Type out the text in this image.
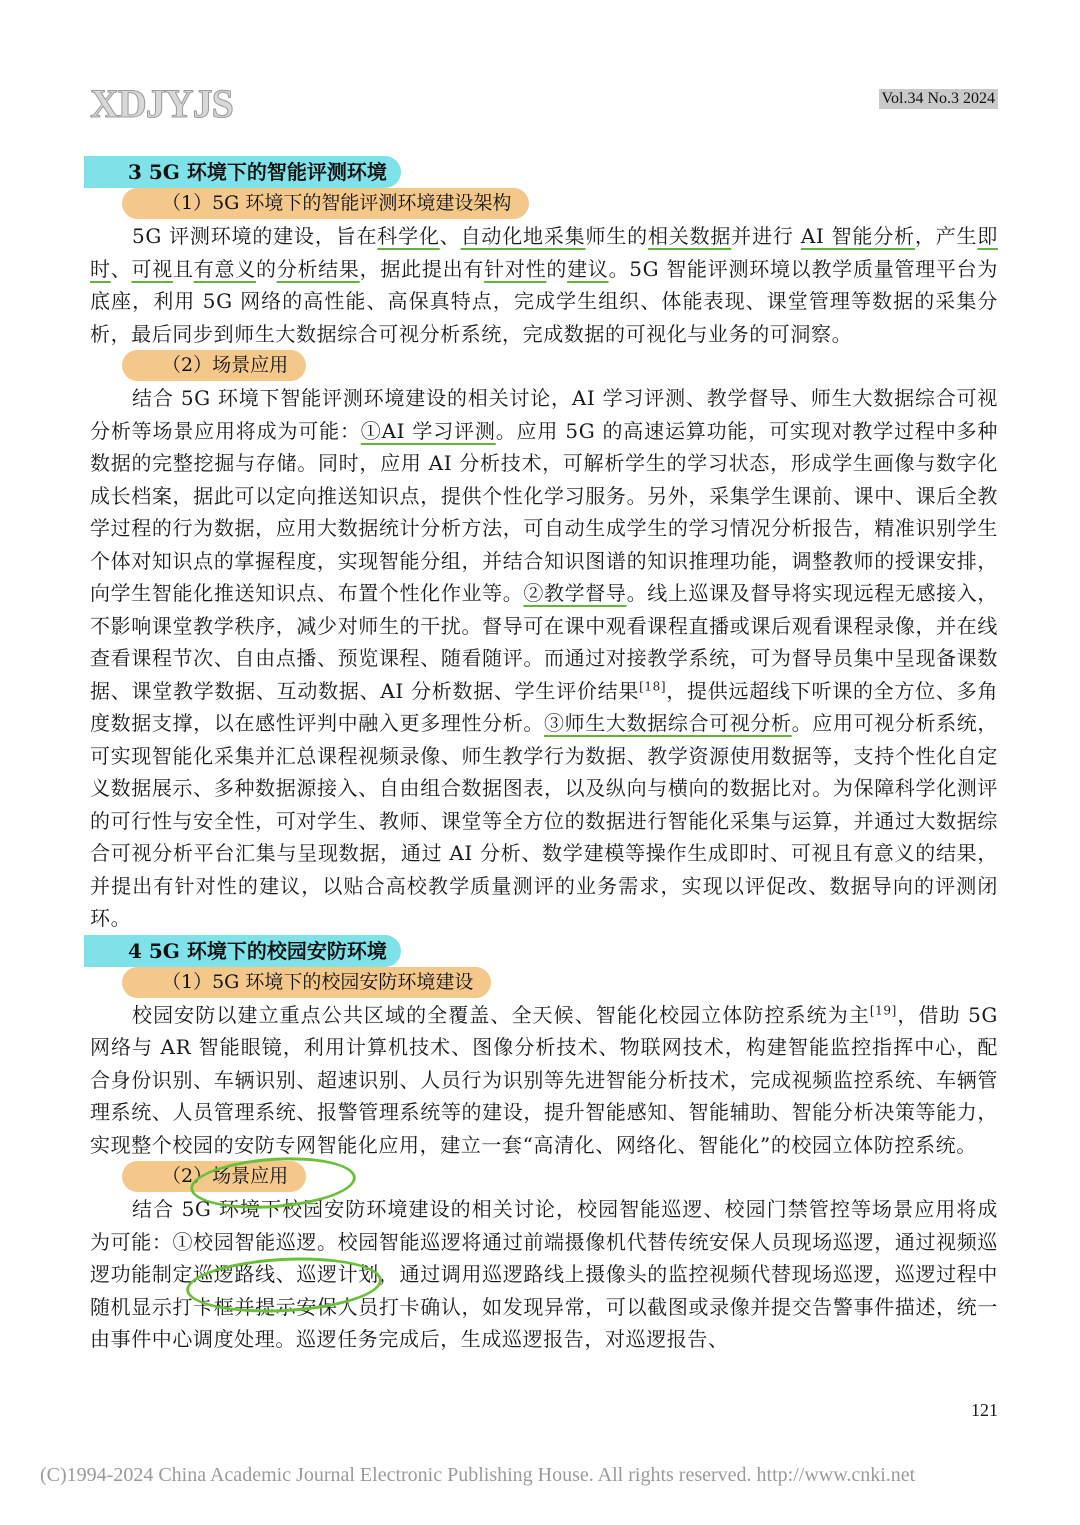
XDJYJS	Vol.34 No.3 2024
3 5G 环境下的智能评测环境
（1）5G 环境下的智能评测环境建设架构

5G 评测环境的建设，旨在科学化、自动化地采集师生的相关数据并进行 AI 智能分析，产生即时、可视且有意义的分析结果，据此提出有针对性的建议。5G 智能评测环境以教学质量管理平台为底座，利用 5G 网络的高性能、高保真特点，完成学生组织、体能表现、课堂管理等数据的采集分析，最后同步到师生大数据综合可视分析系统，完成数据的可视化与业务的可洞察。

（2）场景应用

结合 5G 环境下智能评测环境建设的相关讨论，AI 学习评测、教学督导、师生大数据综合可视分析等场景应用将成为可能：①AI 学习评测。应用 5G 的高速运算功能，可实现对教学过程中多种数据的完整挖掘与存储。同时，应用 AI 分析技术，可解析学生的学习状态，形成学生画像与数字化成长档案，据此可以定向推送知识点，提供个性化学习服务。另外，采集学生课前、课中、课后全教学过程的行为数据，应用大数据统计分析方法，可自动生成学生的学习情况分析报告，精准识别学生个体对知识点的掌握程度，实现智能分组，并结合知识图谱的知识推理功能，调整教师的授课安排，向学生智能化推送知识点、布置个性化作业等。②教学督导。线上巡课及督导将实现远程无感接入，不影响课堂教学秩序，减少对师生的干扰。督导可在课中观看课程直播或课后观看课程录像，并在线查看课程节次、自由点播、预览课程、随看随评。而通过对接教学系统，可为督导员集中呈现备课数据、课堂教学数据、互动数据、AI 分析数据、学生评价结果[18]，提供远超线下听课的全方位、多角度数据支撑，以在感性评判中融入更多理性分析。③师生大数据综合可视分析。应用可视分析系统，可实现智能化采集并汇总课程视频录像、师生教学行为数据、教学资源使用数据等，支持个性化自定义数据展示、多种数据源接入、自由组合数据图表，以及纵向与横向的数据比对。为保障科学化测评的可行性与安全性，可对学生、教师、课堂等全方位的数据进行智能化采集与运算，并通过大数据综合可视分析平台汇集与呈现数据，通过 AI 分析、数学建模等操作生成即时、可视且有意义的结果，并提出有针对性的建议，以贴合高校教学质量测评的业务需求，实现以评促改、数据导向的评测闭环。

4 5G 环境下的校园安防环境
（1）5G 环境下的校园安防环境建设

校园安防以建立重点公共区域的全覆盖、全天候、智能化校园立体防控系统为主[19]，借助 5G 网络与 AR 智能眼镜，利用计算机技术、图像分析技术、物联网技术，构建智能监控指挥中心，配合身份识别、车辆识别、超速识别、人员行为识别等先进智能分析技术，完成视频监控系统、车辆管理系统、人员管理系统、报警管理系统等的建设，提升智能感知、智能辅助、智能分析决策等能力，实现整个校园的安防专网智能化应用，建立一套“高清化、网络化、智能化”的校园立体防控系统。

（2）场景应用

结合 5G 环境下校园安防环境建设的相关讨论，校园智能巡逻、校园门禁管控等场景应用将成为可能：①校园智能巡逻。校园智能巡逻将通过前端摄像机代替传统安保人员现场巡逻，通过视频巡逻功能制定巡逻路线、巡逻计划，通过调用巡逻路线上摄像头的监控视频代替现场巡逻，巡逻过程中随机显示打卡框并提示安保人员打卡确认，如发现异常，可以截图或录像并提交告警事件描述，统一由事件中心调度处理。巡逻任务完成后，生成巡逻报告，对巡逻报告、

121
(C)1994-2024 China Academic Journal Electronic Publishing House. All rights reserved. http://www.cnki.net
